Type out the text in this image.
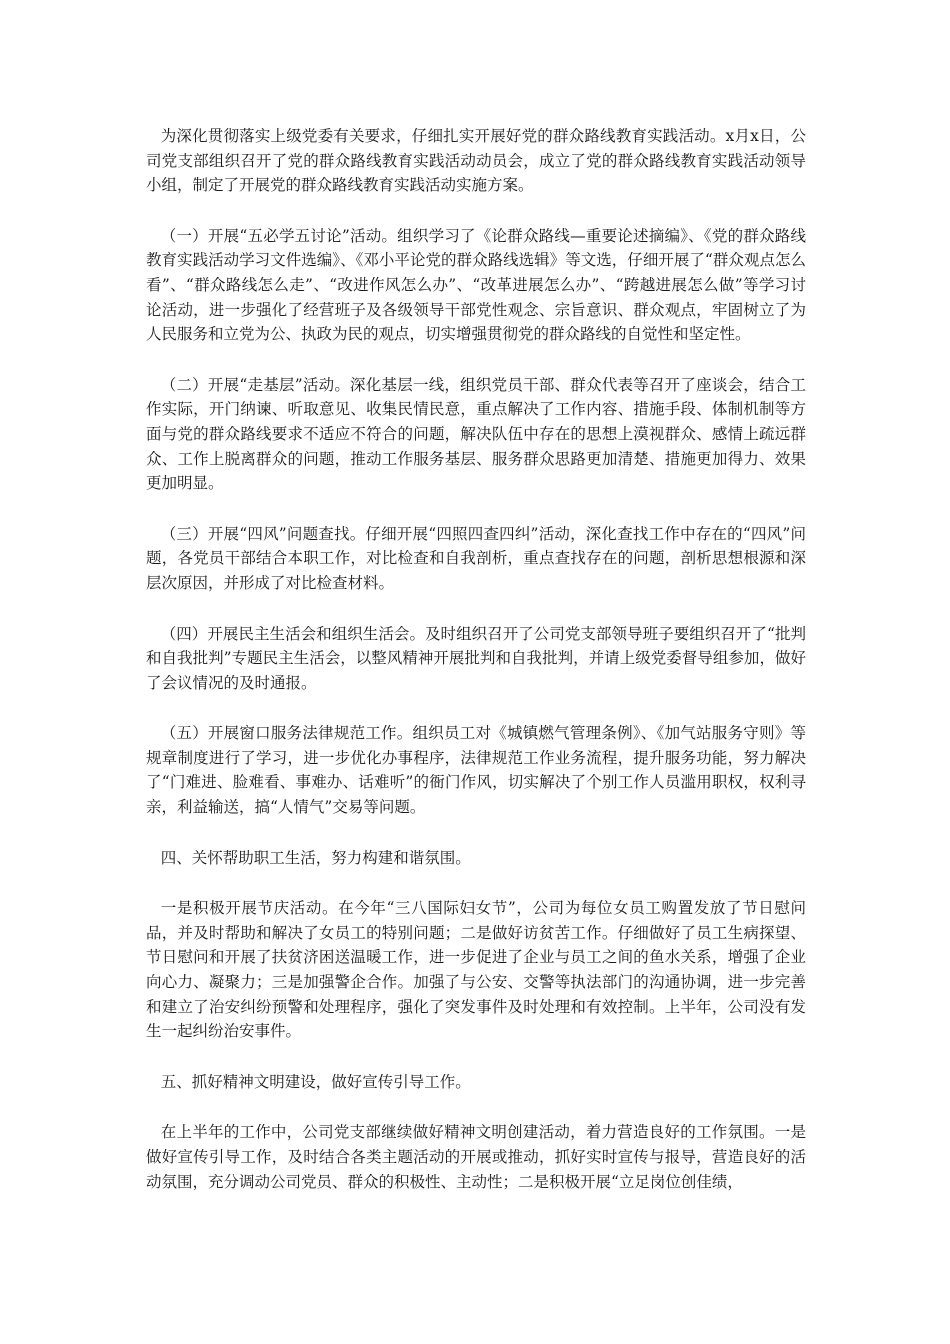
为深化贯彻落实上级党委有关要求，仔细扎实开展好党的群众路线教育实践活动。x月x日，公司党支部组织召开了党的群众路线教育实践活动动员会，成立了党的群众路线教育实践活动领导小组，制定了开展党的群众路线教育实践活动实施方案。

（一）开展“五必学五讨论”活动。组织学习了《论群众路线—重要论述摘编》、《党的群众路线教育实践活动学习文件选编》、《邓小平论党的群众路线选辑》等文选，仔细开展了“群众观点怎么看”、“群众路线怎么走”、“改进作风怎么办”、“改革进展怎么办”、“跨越进展怎么做”等学习讨论活动，进一步强化了经营班子及各级领导干部党性观念、宗旨意识、群众观点，牢固树立了为人民服务和立党为公、执政为民的观点，切实增强贯彻党的群众路线的自觉性和坚定性。

（二）开展“走基层”活动。深化基层一线，组织党员干部、群众代表等召开了座谈会，结合工作实际，开门纳谏、听取意见、收集民情民意，重点解决了工作内容、措施手段、体制机制等方面与党的群众路线要求不适应不符合的问题，解决队伍中存在的思想上漠视群众、感情上疏远群众、工作上脱离群众的问题，推动工作服务基层、服务群众思路更加清楚、措施更加得力、效果更加明显。

（三）开展“四风”问题查找。仔细开展“四照四查四纠”活动，深化查找工作中存在的“四风”问题，各党员干部结合本职工作，对比检查和自我剖析，重点查找存在的问题，剖析思想根源和深层次原因，并形成了对比检查材料。

（四）开展民主生活会和组织生活会。及时组织召开了公司党支部领导班子要组织召开了“批判和自我批判”专题民主生活会，以整风精神开展批判和自我批判，并请上级党委督导组参加，做好了会议情况的及时通报。

（五）开展窗口服务法律规范工作。组织员工对《城镇燃气管理条例》、《加气站服务守则》等规章制度进行了学习，进一步优化办事程序，法律规范工作业务流程，提升服务功能，努力解决了“门难进、脸难看、事难办、话难听”的衙门作风，切实解决了个别工作人员滥用职权，权利寻亲，利益输送，搞“人情气”交易等问题。

四、关怀帮助职工生活，努力构建和谐氛围。

一是积极开展节庆活动。在今年“三八国际妇女节”，公司为每位女员工购置发放了节日慰问品，并及时帮助和解决了女员工的特别问题；二是做好访贫苦工作。仔细做好了员工生病探望、节日慰问和开展了扶贫济困送温暖工作，进一步促进了企业与员工之间的鱼水关系，增强了企业向心力、凝聚力；三是加强警企合作。加强了与公安、交警等执法部门的沟通协调，进一步完善和建立了治安纠纷预警和处理程序，强化了突发事件及时处理和有效控制。上半年，公司没有发生一起纠纷治安事件。

五、抓好精神文明建设，做好宣传引导工作。

在上半年的工作中，公司党支部继续做好精神文明创建活动，着力营造良好的工作氛围。一是做好宣传引导工作，及时结合各类主题活动的开展或推动，抓好实时宣传与报导，营造良好的活动氛围，充分调动公司党员、群众的积极性、主动性；二是积极开展“立足岗位创佳绩，
